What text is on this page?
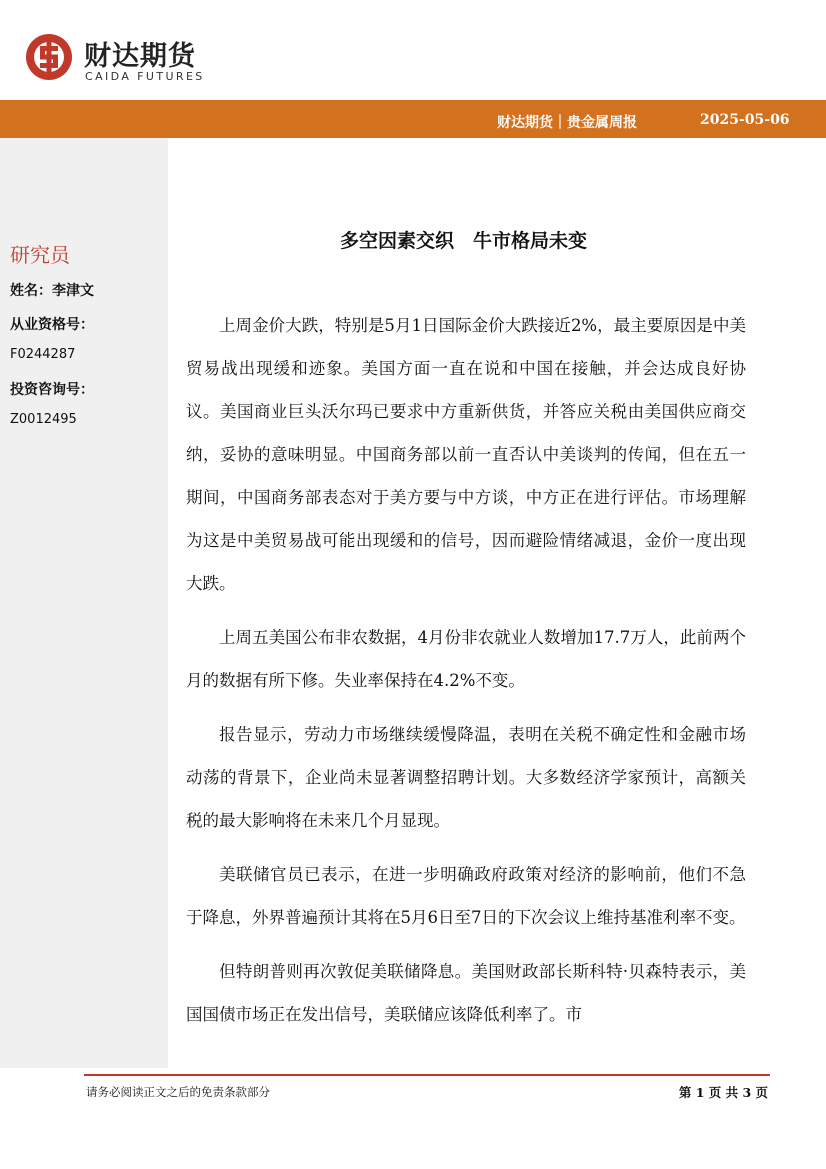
财达期货
CAIDA FUTURES
财达期货｜贵金属周报	2025-05-06
研究员
姓名：李津文
从业资格号：
F0244287
投资咨询号：
Z0012495
多空因素交织　牛市格局未变

上周金价大跌，特别是5月1日国际金价大跌接近2%，最主要原因是中美贸易战出现缓和迹象。美国方面一直在说和中国在接触，并会达成良好协议。美国商业巨头沃尔玛已要求中方重新供货，并答应关税由美国供应商交纳，妥协的意味明显。中国商务部以前一直否认中美谈判的传闻，但在五一期间，中国商务部表态对于美方要与中方谈，中方正在进行评估。市场理解为这是中美贸易战可能出现缓和的信号，因而避险情绪减退，金价一度出现大跌。

上周五美国公布非农数据，4月份非农就业人数增加17.7万人，此前两个月的数据有所下修。失业率保持在4.2%不变。

报告显示，劳动力市场继续缓慢降温，表明在关税不确定性和金融市场动荡的背景下，企业尚未显著调整招聘计划。大多数经济学家预计，高额关税的最大影响将在未来几个月显现。

美联储官员已表示，在进一步明确政府政策对经济的影响前，他们不急于降息，外界普遍预计其将在5月6日至7日的下次会议上维持基准利率不变。

但特朗普则再次敦促美联储降息。美国财政部长斯科特·贝森特表示，美国国债市场正在发出信号，美联储应该降低利率了。市

请务必阅读正文之后的免责条款部分	第 1 页 共 3 页
